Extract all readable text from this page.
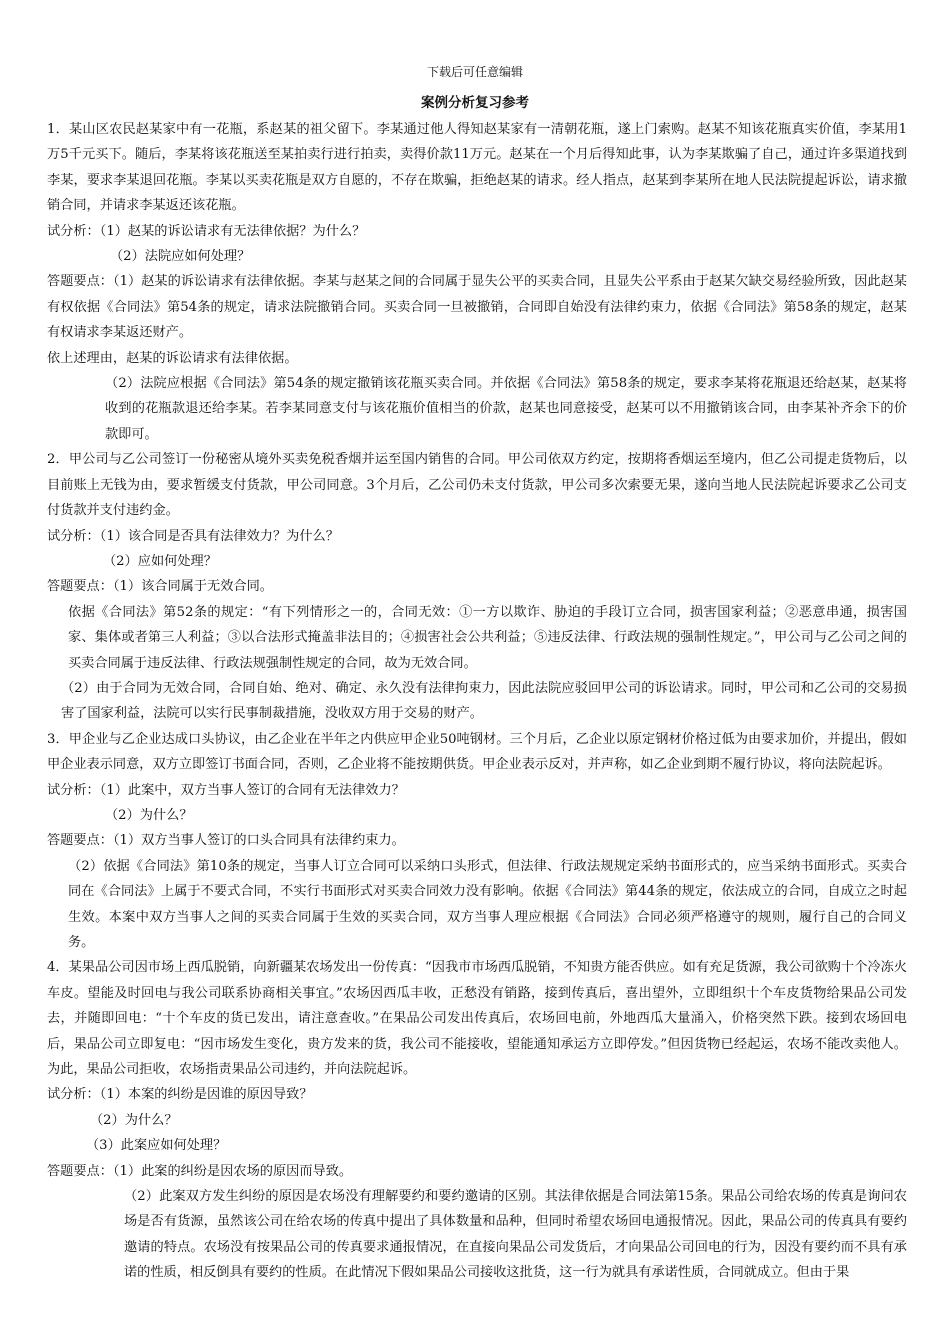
下载后可任意编辑
案例分析复习参考

1．某山区农民赵某家中有一花瓶，系赵某的祖父留下。李某通过他人得知赵某家有一清朝花瓶，遂上门索购。赵某不知该花瓶真实价值，李某用1万5千元买下。随后，李某将该花瓶送至某拍卖行进行拍卖，卖得价款11万元。赵某在一个月后得知此事，认为李某欺骗了自己，通过许多渠道找到李某，要求李某退回花瓶。李某以买卖花瓶是双方自愿的，不存在欺骗，拒绝赵某的请求。经人指点，赵某到李某所在地人民法院提起诉讼，请求撤销合同，并请求李某返还该花瓶。

试分析：（1）赵某的诉讼请求有无法律依据？为什么？

（2）法院应如何处理？

答题要点：（1）赵某的诉讼请求有法律依据。李某与赵某之间的合同属于显失公平的买卖合同，且显失公平系由于赵某欠缺交易经验所致，因此赵某有权依据《合同法》第54条的规定，请求法院撤销合同。买卖合同一旦被撤销，合同即自始没有法律约束力，依据《合同法》第58条的规定，赵某有权请求李某返还财产。

依上述理由，赵某的诉讼请求有法律依据。

（2）法院应根据《合同法》第54条的规定撤销该花瓶买卖合同。并依据《合同法》第58条的规定，要求李某将花瓶退还给赵某，赵某将收到的花瓶款退还给李某。若李某同意支付与该花瓶价值相当的价款，赵某也同意接受，赵某可以不用撤销该合同，由李某补齐余下的价款即可。

2．甲公司与乙公司签订一份秘密从境外买卖免税香烟并运至国内销售的合同。甲公司依双方约定，按期将香烟运至境内，但乙公司提走货物后，以目前账上无钱为由，要求暂缓支付货款，甲公司同意。3个月后，乙公司仍未支付货款，甲公司多次索要无果，遂向当地人民法院起诉要求乙公司支付货款并支付违约金。

试分析：（1）该合同是否具有法律效力？为什么？

（2）应如何处理？

答题要点：（1）该合同属于无效合同。

依据《合同法》第52条的规定：“有下列情形之一的，合同无效：①一方以欺诈、胁迫的手段订立合同，损害国家利益；②恶意串通，损害国家、集体或者第三人利益；③以合法形式掩盖非法目的；④损害社会公共利益；⑤违反法律、行政法规的强制性规定。”，甲公司与乙公司之间的买卖合同属于违反法律、行政法规强制性规定的合同，故为无效合同。

（2）由于合同为无效合同，合同自始、绝对、确定、永久没有法律拘束力，因此法院应驳回甲公司的诉讼请求。同时，甲公司和乙公司的交易损害了国家利益，法院可以实行民事制裁措施，没收双方用于交易的财产。

3．甲企业与乙企业达成口头协议，由乙企业在半年之内供应甲企业50吨钢材。三个月后，乙企业以原定钢材价格过低为由要求加价，并提出，假如甲企业表示同意，双方立即签订书面合同，否则，乙企业将不能按期供货。甲企业表示反对，并声称，如乙企业到期不履行协议，将向法院起诉。

试分析：（1）此案中，双方当事人签订的合同有无法律效力？

（2）为什么？

答题要点：（1）双方当事人签订的口头合同具有法律约束力。

（2）依据《合同法》第10条的规定，当事人订立合同可以采纳口头形式，但法律、行政法规规定采纳书面形式的，应当采纳书面形式。买卖合同在《合同法》上属于不要式合同，不实行书面形式对买卖合同效力没有影响。依据《合同法》第44条的规定，依法成立的合同，自成立之时起生效。本案中双方当事人之间的买卖合同属于生效的买卖合同，双方当事人理应根据《合同法》合同必须严格遵守的规则，履行自己的合同义务。

4．某果品公司因市场上西瓜脱销，向新疆某农场发出一份传真：“因我市市场西瓜脱销，不知贵方能否供应。如有充足货源，我公司欲购十个冷冻火车皮。望能及时回电与我公司联系协商相关事宜。”农场因西瓜丰收，正愁没有销路，接到传真后，喜出望外，立即组织十个车皮货物给果品公司发去，并随即回电：“十个车皮的货已发出，请注意查收。”在果品公司发出传真后，农场回电前，外地西瓜大量涌入，价格突然下跌。接到农场回电后，果品公司立即复电：“因市场发生变化，贵方发来的货，我公司不能接收，望能通知承运方立即停发。”但因货物已经起运，农场不能改卖他人。为此，果品公司拒收，农场指责果品公司违约，并向法院起诉。

试分析：（1）本案的纠纷是因谁的原因导致？

（2）为什么？

（3）此案应如何处理？

答题要点：（1）此案的纠纷是因农场的原因而导致。

（2）此案双方发生纠纷的原因是农场没有理解要约和要约邀请的区别。其法律依据是合同法第15条。果品公司给农场的传真是询问农场是否有货源，虽然该公司在给农场的传真中提出了具体数量和品种，但同时希望农场回电通报情况。因此，果品公司的传真具有要约邀请的特点。农场没有按果品公司的传真要求通报情况，在直接向果品公司发货后，才向果品公司回电的行为，因没有要约而不具有承诺的性质，相反倒具有要约的性质。在此情况下假如果品公司接收这批货，这一行为就具有承诺性质，合同就成立。但由于果
